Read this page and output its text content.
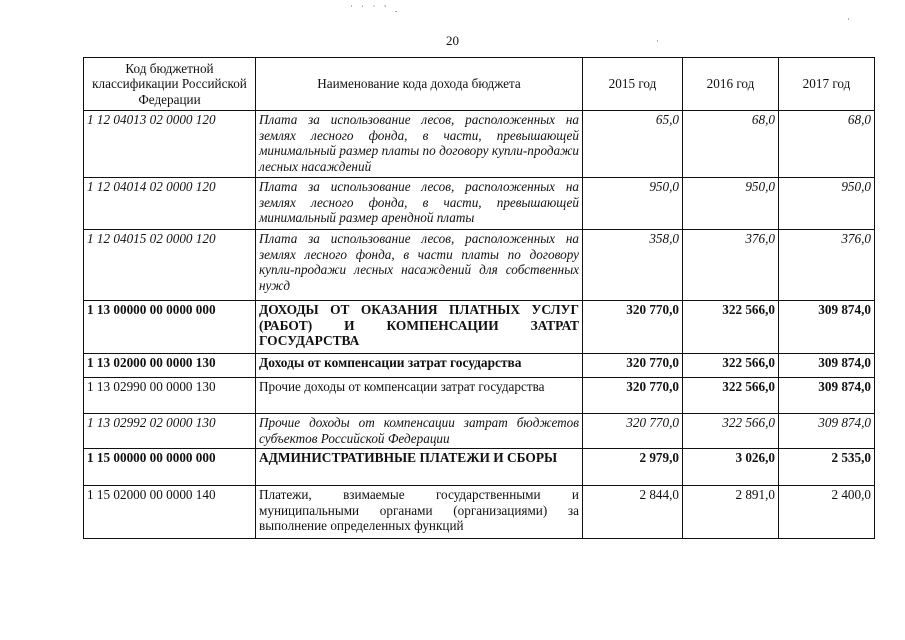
˙ ˈ ˙ ˋ .
·
·
20
Код бюджетной классификации Российской Федерации	Наименование кода дохода бюджета	2015 год	2016 год	2017 год
1 12 04013 02 0000 120	Плата за использование лесов, расположенных на землях лесного фонда, в части, превышающей минимальный размер платы по договору купли-продажи лесных насаждений	65,0	68,0	68,0
1 12 04014 02 0000 120	Плата за использование лесов, расположенных на землях лесного фонда, в части, превышающей минимальный размер арендной платы	950,0	950,0	950,0
1 12 04015 02 0000 120	Плата за использование лесов, расположенных на землях лесного фонда, в части платы по договору купли-продажи лесных насаждений для собственных нужд	358,0	376,0	376,0
1 13 00000 00 0000 000	ДОХОДЫ ОТ ОКАЗАНИЯ ПЛАТНЫХ УСЛУГ (РАБОТ) И КОМПЕНСАЦИИ ЗАТРАТ ГОСУДАРСТВА	320 770,0	322 566,0	309 874,0
1 13 02000 00 0000 130	Доходы от компенсации затрат государства	320 770,0	322 566,0	309 874,0
1 13 02990 00 0000 130	Прочие доходы от компенсации затрат государства	320 770,0	322 566,0	309 874,0
1 13 02992 02 0000 130	Прочие доходы от компенсации затрат бюджетов субъектов Российской Федерации	320 770,0	322 566,0	309 874,0
1 15 00000 00 0000 000	АДМИНИСТРАТИВНЫЕ ПЛАТЕЖИ И СБОРЫ	2 979,0	3 026,0	2 535,0
1 15 02000 00 0000 140	Платежи, взимаемые государственными и муниципальными органами (организациями) за выполнение определенных функций	2 844,0	2 891,0	2 400,0
